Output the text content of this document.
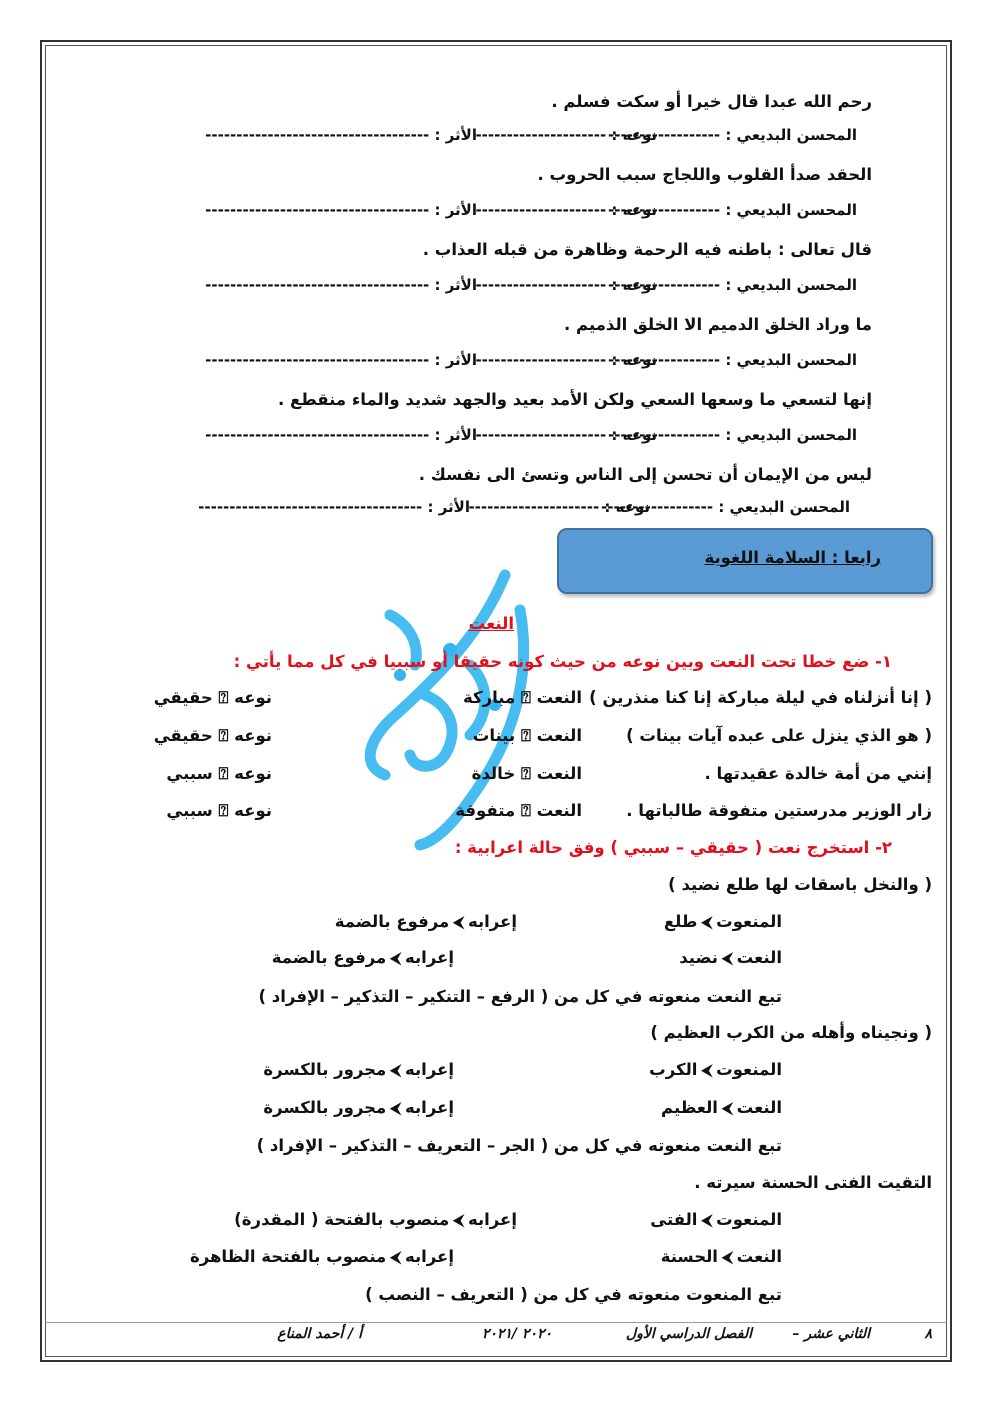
رحم الله عبدا قال خيرا أو سكت فسلم .
المحسن البديعي : ------------------
نوعه : ---------------------
الأثر : ------------------------------------
الحقد صدأ القلوب واللجاج سبب الحروب .
المحسن البديعي : ------------------
نوعه : ---------------------
الأثر : ------------------------------------
قال تعالى : باطنه فيه الرحمة وظاهرة من قبله العذاب .
المحسن البديعي : ------------------
نوعه : ---------------------
الأثر : ------------------------------------
ما وراد الخلق الدميم الا الخلق الذميم .
المحسن البديعي : ------------------
نوعه : ---------------------
الأثر : ------------------------------------
إنها لتسعي ما وسعها السعي ولكن الأمد بعيد والجهد شديد والماء منقطع .
المحسن البديعي : ------------------
نوعه : ---------------------
الأثر : ------------------------------------
ليس من الإيمان أن تحسن إلى الناس وتسئ الى نفسك .
المحسن البديعي : ------------------
نوعه : ---------------------
الأثر : ------------------------------------
رابعا : السلامة اللغوية
النعت
١- ضع خطا تحت النعت وبين نوعه من حيث كونه حقيقا أو سببيا في كل مما يأتي :
( إنا أنزلناه في ليلة مباركة إنا كنا منذرين )
النعت ⍰ مباركة
نوعه ⍰ حقيقي
( هو الذي ينزل على عبده آيات بينات )
النعت ⍰ بينات
نوعه ⍰ حقيقي
إنني من أمة خالدة عقيدتها .
النعت ⍰ خالدة
نوعه ⍰ سببي
زار الوزير مدرستين متفوقة طالباتها .
النعت ⍰ متفوقة
نوعه ⍰ سببي
٢- استخرج نعت ( حقيقي – سببي ) وفق حالة اعرابية :
( والنخل باسقات لها طلع نضيد )
المنعوت⮜طلع
إعرابه⮜مرفوع بالضمة
النعت⮜نضيد
إعرابه⮜مرفوع بالضمة
تبع النعت منعوته في كل من ( الرفع – التنكير – التذكير – الإفراد )
( ونجيناه وأهله من الكرب العظيم )
المنعوت⮜الكرب
إعرابه⮜مجرور بالكسرة
النعت⮜العظيم
إعرابه⮜مجرور بالكسرة
تبع النعت منعوته في كل من ( الجر – التعريف – التذكير – الإفراد )
التقيت الفتى الحسنة سيرته .
المنعوت⮜الفتى
إعرابه⮜منصوب بالفتحة ( المقدرة)
النعت⮜الحسنة
إعرابه⮜منصوب بالفتحة الظاهرة
تبع المنعوت منعوته في كل من ( التعريف – النصب )
٨
الثاني عشر –
الفصل الدراسي الأول
٢٠٢٠ /٢٠٢١
أ / أحمد المناع
